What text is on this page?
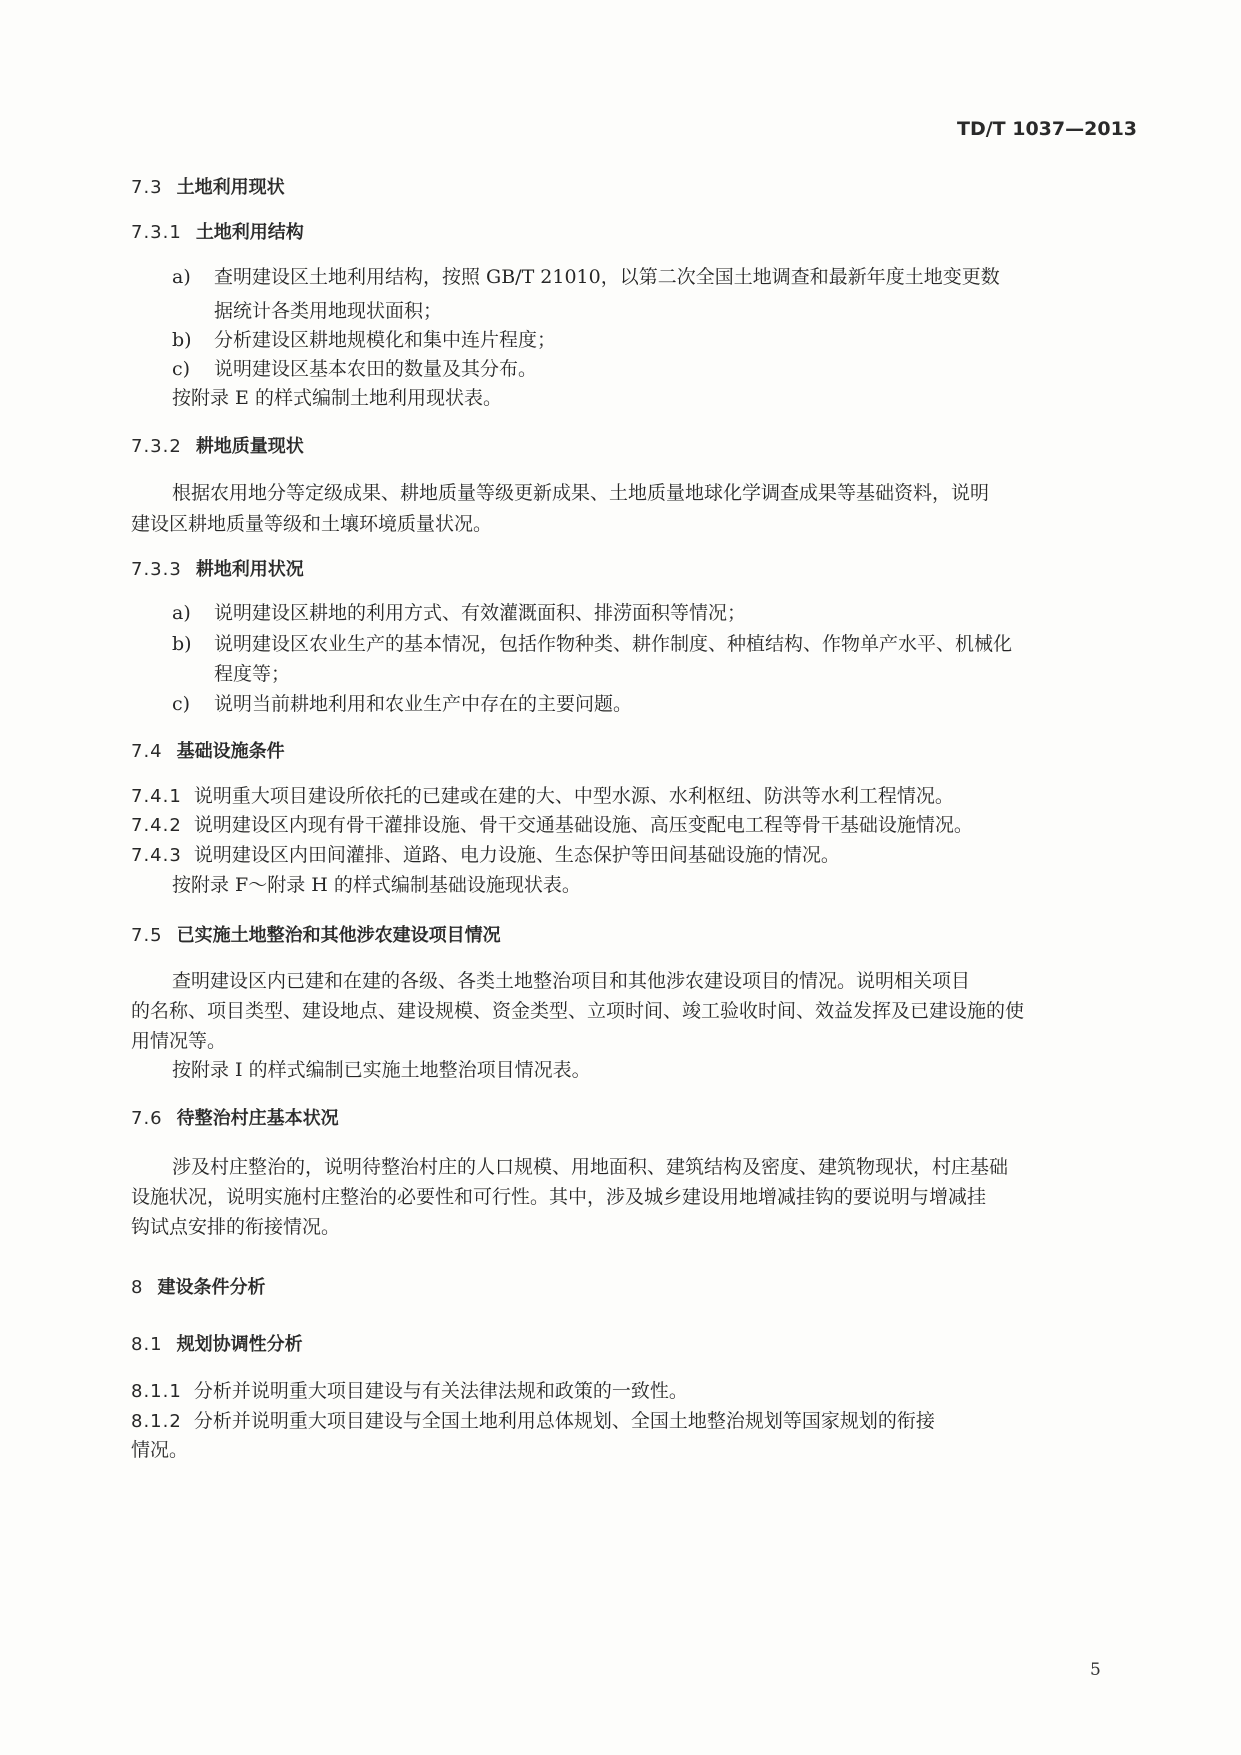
TD/T 1037—2013
7.3 土地利用现状
7.3.1 土地利用结构
a) 查明建设区土地利用结构，按照 GB/T 21010，以第二次全国土地调查和最新年度土地变更数
据统计各类用地现状面积；
b) 分析建设区耕地规模化和集中连片程度；
c) 说明建设区基本农田的数量及其分布。
按附录 E 的样式编制土地利用现状表。
7.3.2 耕地质量现状
根据农用地分等定级成果、耕地质量等级更新成果、土地质量地球化学调查成果等基础资料，说明
建设区耕地质量等级和土壤环境质量状况。
7.3.3 耕地利用状况
a) 说明建设区耕地的利用方式、有效灌溉面积、排涝面积等情况；
b) 说明建设区农业生产的基本情况，包括作物种类、耕作制度、种植结构、作物单产水平、机械化
程度等；
c) 说明当前耕地利用和农业生产中存在的主要问题。
7.4 基础设施条件
7.4.1 说明重大项目建设所依托的已建或在建的大、中型水源、水利枢纽、防洪等水利工程情况。
7.4.2 说明建设区内现有骨干灌排设施、骨干交通基础设施、高压变配电工程等骨干基础设施情况。
7.4.3 说明建设区内田间灌排、道路、电力设施、生态保护等田间基础设施的情况。
按附录 F～附录 H 的样式编制基础设施现状表。
7.5 已实施土地整治和其他涉农建设项目情况
查明建设区内已建和在建的各级、各类土地整治项目和其他涉农建设项目的情况。说明相关项目
的名称、项目类型、建设地点、建设规模、资金类型、立项时间、竣工验收时间、效益发挥及已建设施的使
用情况等。
按附录 I 的样式编制已实施土地整治项目情况表。
7.6 待整治村庄基本状况
涉及村庄整治的，说明待整治村庄的人口规模、用地面积、建筑结构及密度、建筑物现状，村庄基础
设施状况，说明实施村庄整治的必要性和可行性。其中，涉及城乡建设用地增减挂钩的要说明与增减挂
钩试点安排的衔接情况。
8 建设条件分析
8.1 规划协调性分析
8.1.1 分析并说明重大项目建设与有关法律法规和政策的一致性。
8.1.2 分析并说明重大项目建设与全国土地利用总体规划、全国土地整治规划等国家规划的衔接
情况。
5
